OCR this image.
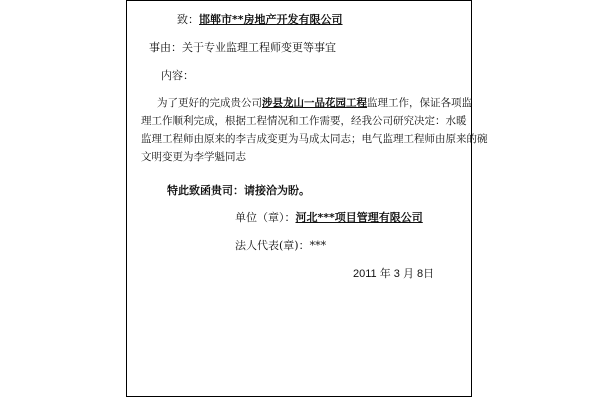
致：邯郸市**房地产开发有限公司
事由：关于专业监理工程师变更等事宜
内容：
为了更好的完成贵公司涉县龙山一品花园工程监理工作，保证各项监
理工作顺利完成，根据工程情况和工作需要，经我公司研究决定：水暖
监理工程师由原来的李吉成变更为马成太同志；电气监理工程师由原来的碗
文明变更为李学魁同志
特此致函贵司：请接洽为盼。
单位（章）：河北***项目管理有限公司
法人代表(章)：***
2011 年 3 月 8日
